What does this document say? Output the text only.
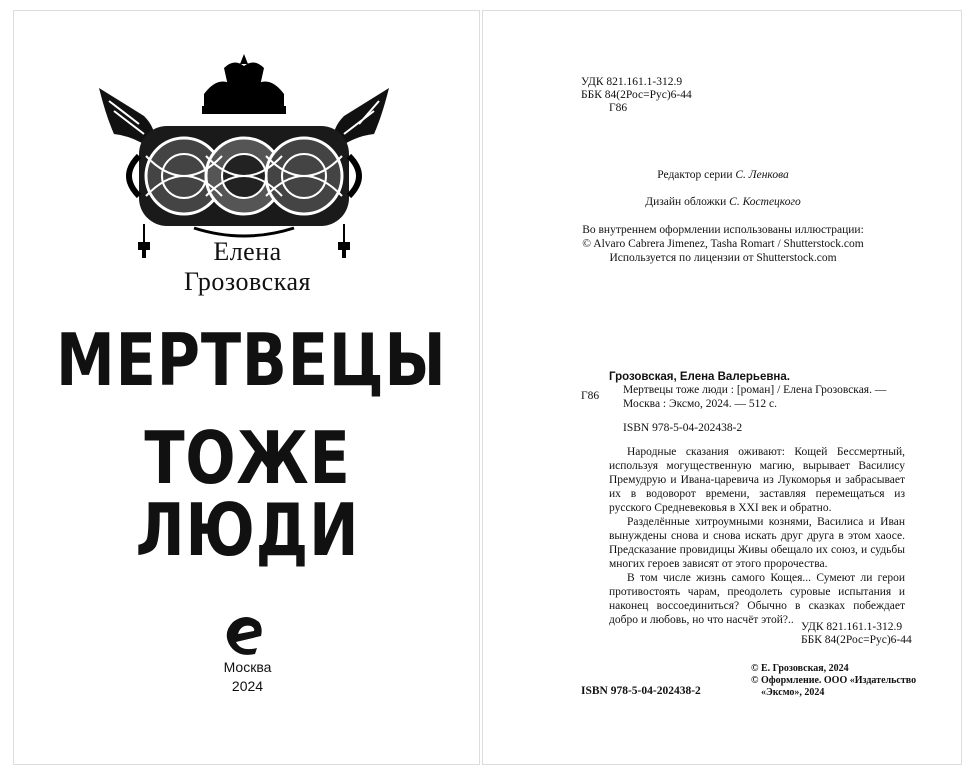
Елена
Грозовская
МЕРТВЕЦЫ
ТОЖЕ ЛЮДИ
Москва
2024
УДК 821.161.1-312.9
ББК 84(2Рос=Рус)6-44
Г86
Редактор серии С. Ленкова
Дизайн обложки С. Костецкого
Во внутреннем оформлении использованы иллюстрации:
© Alvaro Cabrera Jimenez, Tasha Romart / Shutterstock.com
Используется по лицензии от Shutterstock.com
Грозовская, Елена Валерьевна.
Г86 Мертвецы тоже люди : [роман] / Елена Грозовская. —
Москва : Эксмо, 2024. — 512 с.
ISBN 978-5-04-202438-2

Народные сказания оживают: Кощей Бессмертный, используя могущественную магию, вырывает Василису Премудрую и Ивана-царевича из Лукоморья и забрасывает их в водоворот времени, заставляя перемещаться из русского Средневековья в XXI век и обратно.

Разделённые хитроумными кознями, Василиса и Иван вынуждены снова и снова искать друг друга в этом хаосе. Предсказание провидицы Живы обещало их союз, и судьбы многих героев зависят от этого пророчества.

В том числе жизнь самого Кощея... Сумеют ли герои противостоять чарам, преодолеть суровые испытания и наконец воссоединиться? Обычно в сказках побеждает добро и любовь, но что насчёт этой?..

УДК 821.161.1-312.9
ББК 84(2Рос=Рус)6-44
ISBN 978-5-04-202438-2
© Е. Грозовская, 2024
© Оформление. ООО «Издательство
«Эксмо», 2024
